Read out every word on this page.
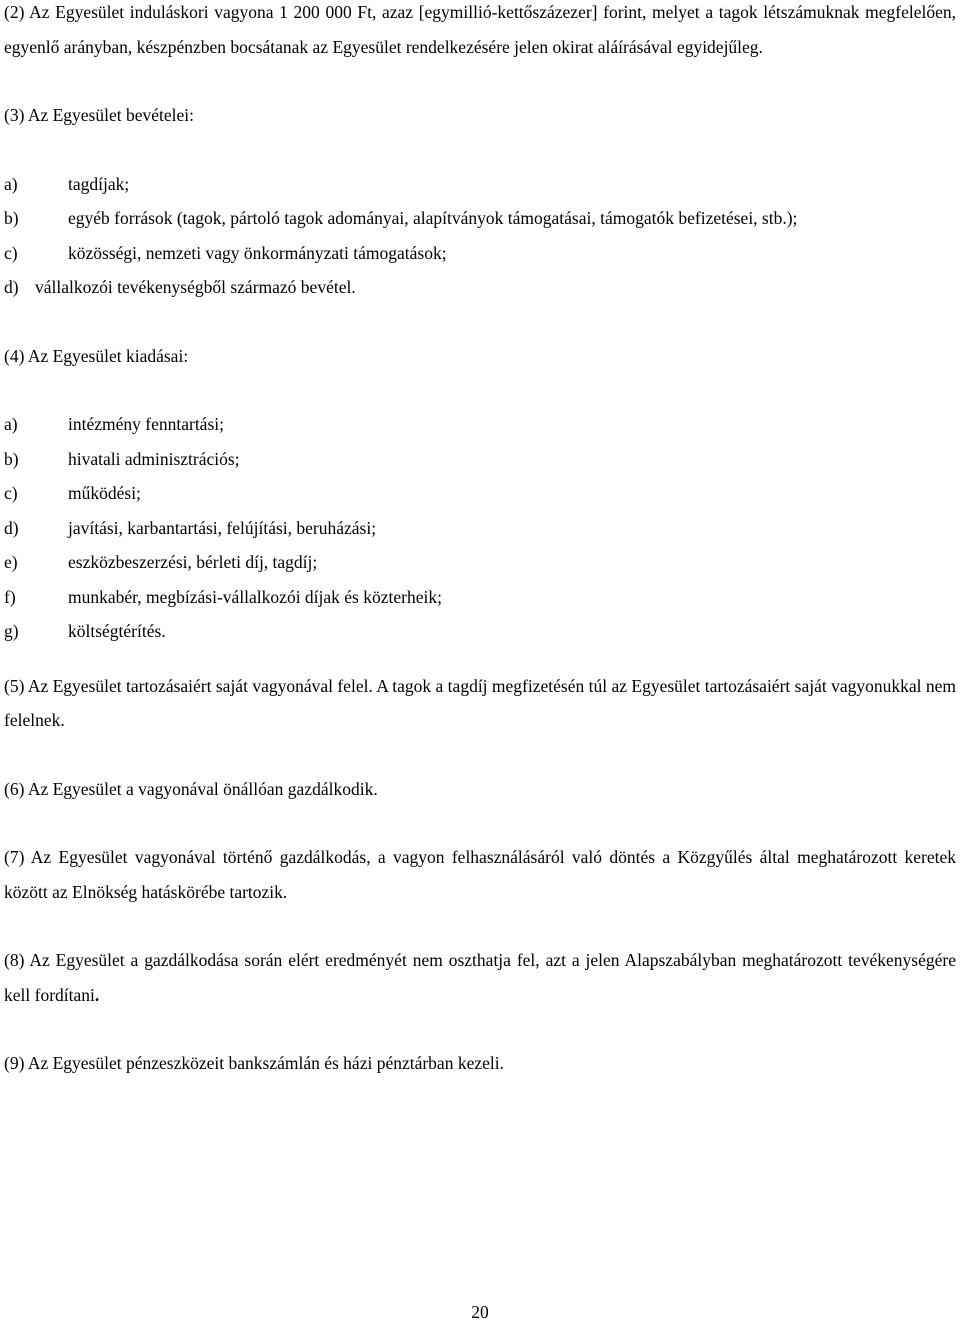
(2) Az Egyesület induláskori vagyona 1 200 000 Ft, azaz [egymillió-kettőszázezer] forint, melyet a tagok létszámuknak megfelelően, egyenlő arányban, készpénzben bocsátanak az Egyesület rendelkezésére jelen okirat aláírásával egyidejűleg.

(3) Az Egyesület bevételei:

a)	tagdíjak;
b)	egyéb források (tagok, pártoló tagok adományai, alapítványok támogatásai, támogatók befizetései, stb.);
c)	közösségi, nemzeti vagy önkormányzati támogatások;
d) vállalkozói tevékenységből származó bevétel.

(4) Az Egyesület kiadásai:

a)	intézmény fenntartási;
b)	hivatali adminisztrációs;
c)	működési;
d)	javítási, karbantartási, felújítási, beruházási;
e)	eszközbeszerzési, bérleti díj, tagdíj;
f)	munkabér, megbízási-vállalkozói díjak és közterheik;
g)	költségtérítés.

(5) Az Egyesület tartozásaiért saját vagyonával felel. A tagok a tagdíj megfizetésén túl az Egyesület tartozásaiért saját vagyonukkal nem felelnek.

(6) Az Egyesület a vagyonával önállóan gazdálkodik.

(7) Az Egyesület vagyonával történő gazdálkodás, a vagyon felhasználásáról való döntés a Közgyűlés által meghatározott keretek között az Elnökség hatáskörébe tartozik.

(8) Az Egyesület a gazdálkodása során elért eredményét nem oszthatja fel, azt a jelen Alapszabályban meghatározott tevékenységére kell fordítani.

(9) Az Egyesület pénzeszközeit bankszámlán és házi pénztárban kezeli.

20
